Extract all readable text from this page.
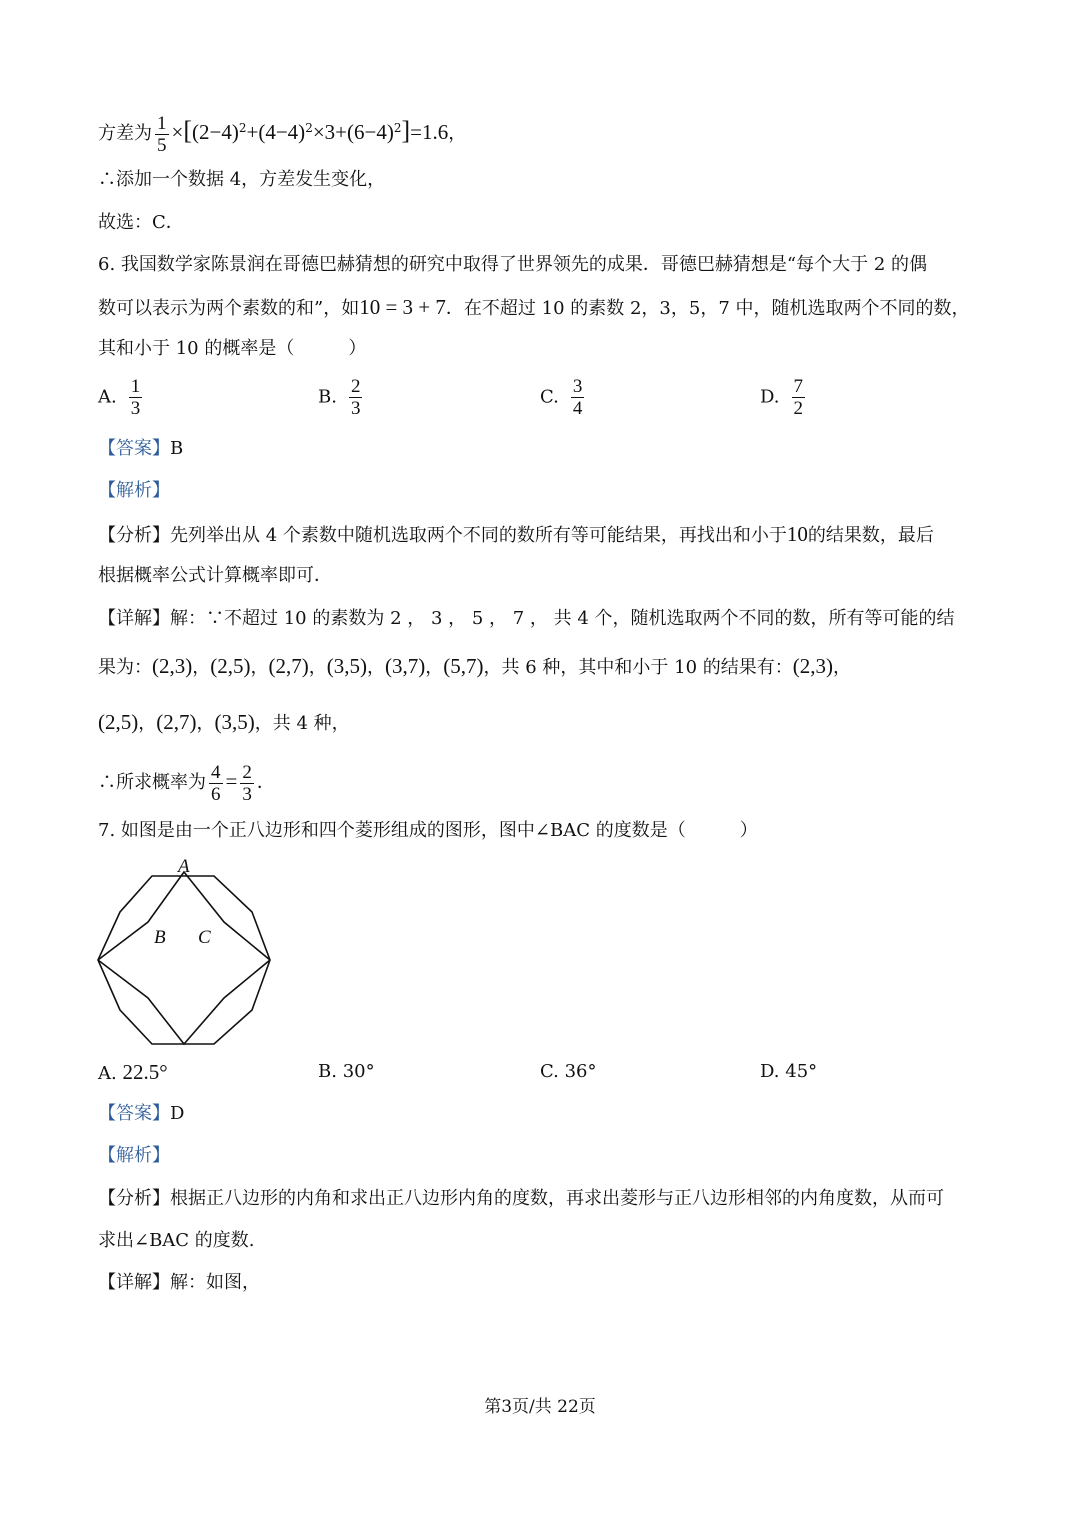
方差为 $\frac{1}{5} \times[(2-4)^2+(4-4)^2\times 3+(6-4)^2]=1.6$，
∴添加一个数据 4，方差发生变化，
故选：C．
6. 我国数学家陈景润在哥德巴赫猜想的研究中取得了世界领先的成果．哥德巴赫猜想是“每个大于 2 的偶
数可以表示为两个素数的和”，如10 = 3 + 7．在不超过 10 的素数 2，3，5，7 中，随机选取两个不同的数，
其和小于 10 的概率是（　　　）
A. $\frac{1}{3}$	B. $\frac{2}{3}$	C. $\frac{3}{4}$	D. $\frac{7}{2}$
【答案】B
【解析】
【分析】先列举出从 4 个素数中随机选取两个不同的数所有等可能结果，再找出和小于10的结果数，最后
根据概率公式计算概率即可．
【详解】解：∵不超过 10 的素数为 2 ， 3 ， 5 ， 7 ， 共 4 个，随机选取两个不同的数，所有等可能的结
果为：(2,3)，(2,5)，(2,7)，(3,5)，(3,7)，(5,7)，共 6 种，其中和小于 10 的结果有：(2,3)，
(2,5)，(2,7)，(3,5)，共 4 种，
∴所求概率为 $\frac{4}{6} = \frac{2}{3}$ ．
7. 如图是由一个正八边形和四个菱形组成的图形，图中∠BAC 的度数是（　　　）
A
B C
A. 22.5°	B. 30°	C. 36°	D. 45°
【答案】D
【解析】
【分析】根据正八边形的内角和求出正八边形内角的度数，再求出菱形与正八边形相邻的内角度数，从而可
求出∠BAC 的度数.
【详解】解：如图，
第3页/共 22页
